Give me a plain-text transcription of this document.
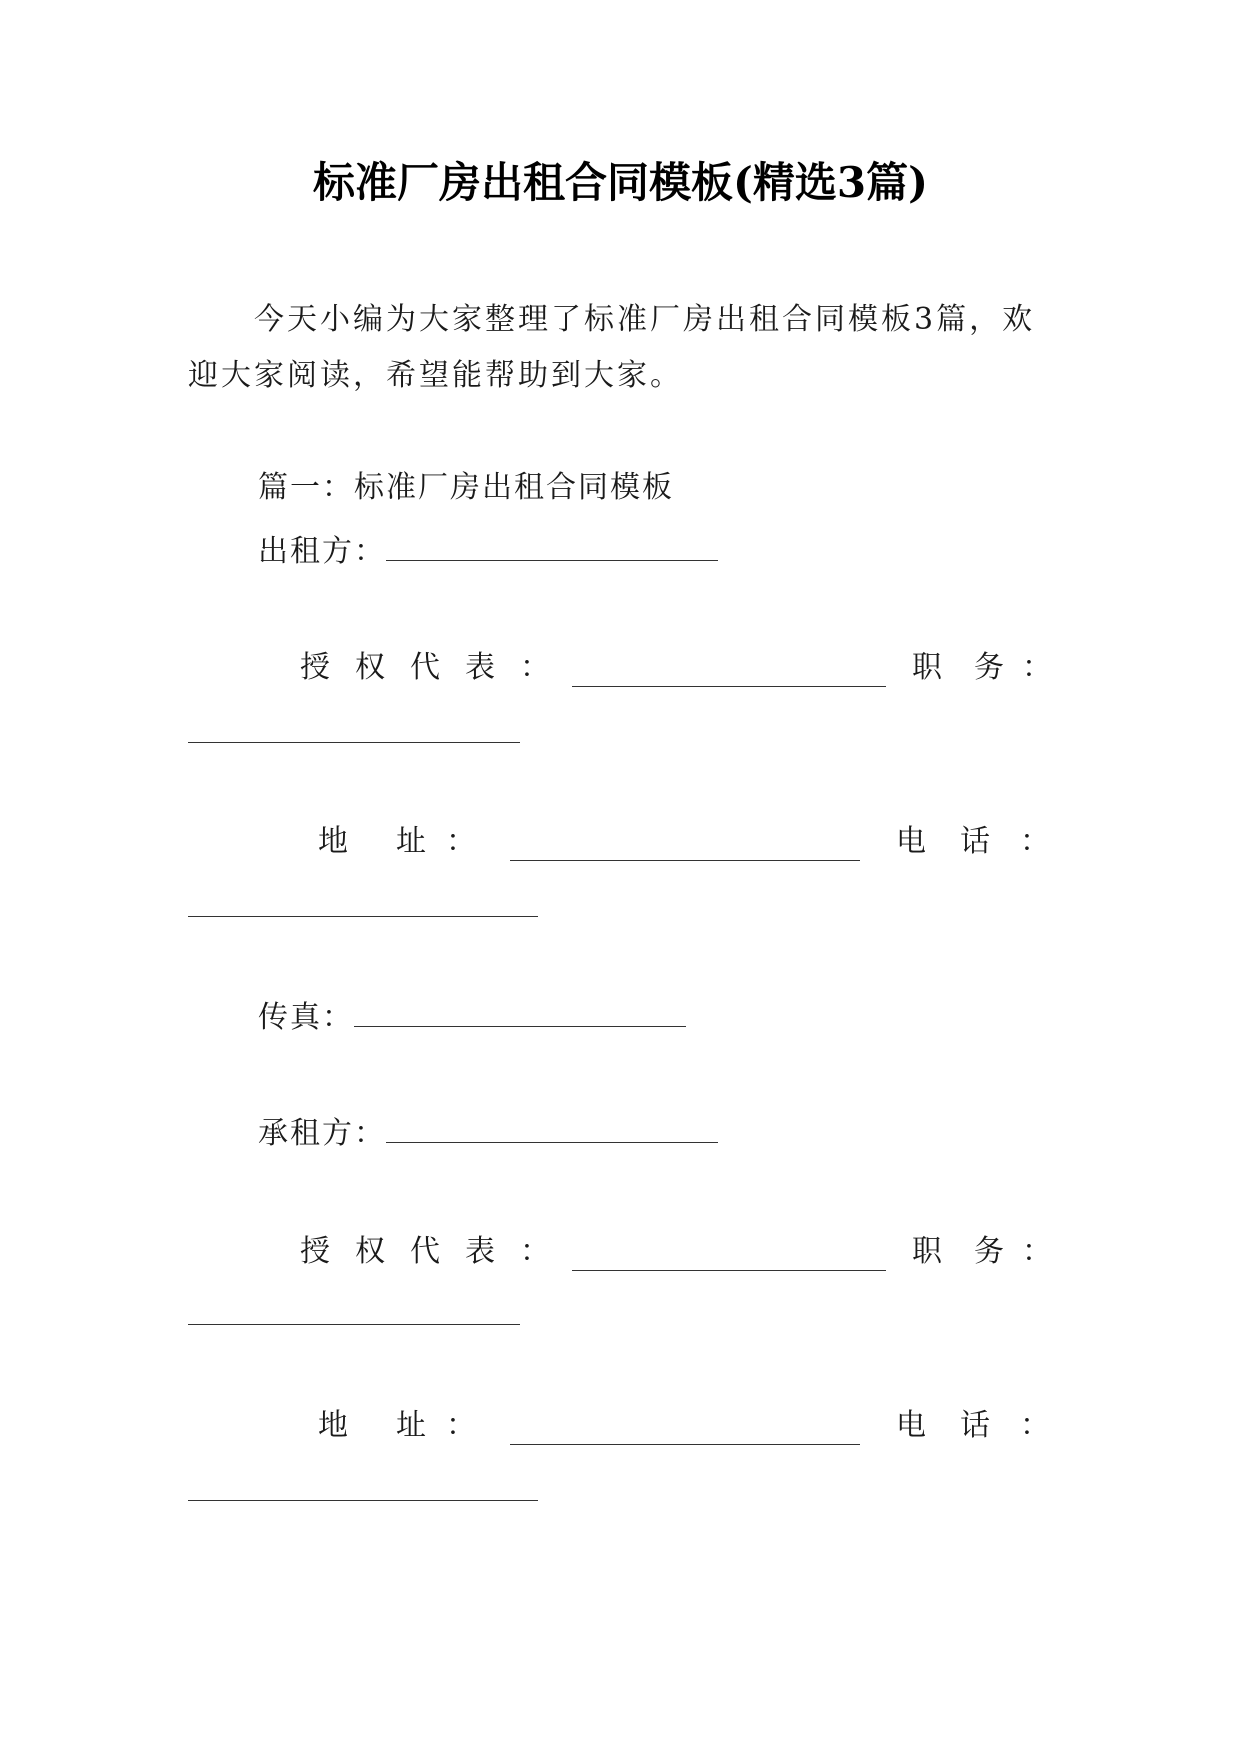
标准厂房出租合同模板(精选3篇)
今天小编为大家整理了标准厂房出租合同模板3篇，欢迎大家阅读，希望能帮助到大家。
篇一：标准厂房出租合同模板
出租方：
授 权 代 表 ：	职 务 ：
地 址 ：	电 话 ：
传真：
承租方：
授 权 代 表 ：	职 务 ：
地 址 ：	电 话 ：
